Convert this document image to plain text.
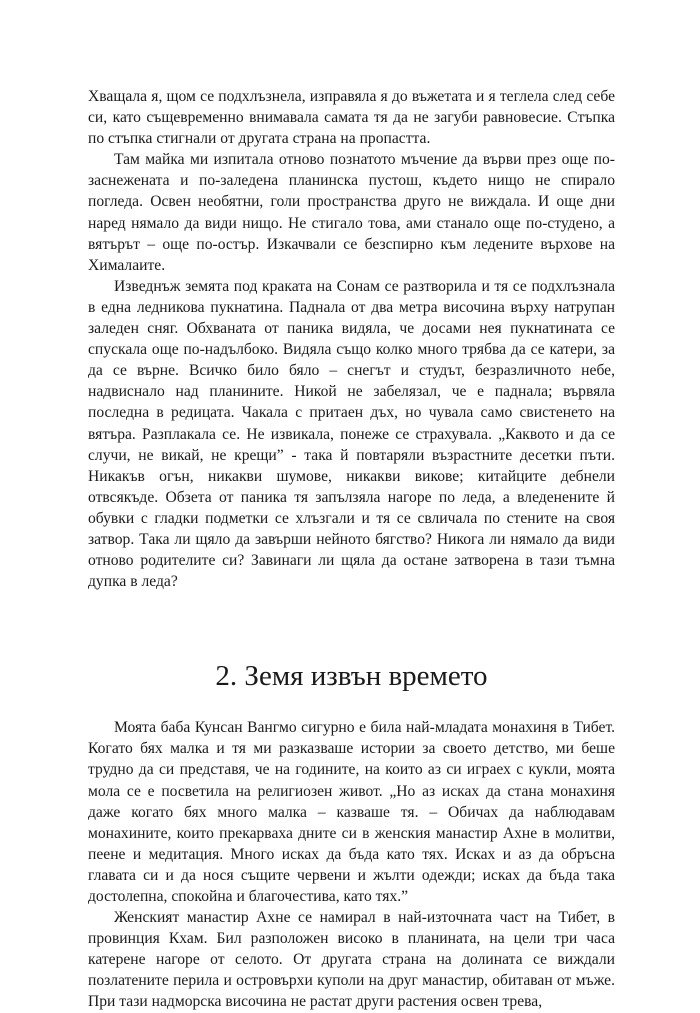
Хващала я, щом се подхлъзнела, изправяла я до въжетата и я теглела след себе си, като същевременно внимавала самата тя да не загуби равновесие. Стъпка по стъпка стигнали от другата страна на пропастта.

Там майка ми изпитала отново познатото мъчение да върви през още по-заснежената и по-заледена планинска пустош, където нищо не спирало погледа. Освен необятни, голи пространства друго не виждала. И още дни наред нямало да види нищо. Не стигало това, ами станало още по-студено, а вятърът – още по-остър. Изкачвали се безспирно към ледените върхове на Хималаите.

Изведнъж земята под краката на Сонам се разтворила и тя се подхлъзнала в една ледникова пукнатина. Паднала от два метра височина върху натрупан заледен сняг. Обхваната от паника видяла, че досами нея пукнатината се спускала още по-надълбоко. Видяла също колко много трябва да се катери, за да се върне. Всичко било бяло – снегът и студът, безразличното небе, надвиснало над планините. Никой не забелязал, че е паднала; вървяла последна в редицата. Чакала с притаен дъх, но чувала само свистенето на вятъра. Разплакала се. Не извикала, понеже се страхувала. „Каквото и да се случи, не викай, не крещи” - така й повтаряли възрастните десетки пъти. Никакъв огън, никакви шумове, никакви викове; китайците дебнели отвсякъде. Обзета от паника тя запълзяла нагоре по леда, а вледенените й обувки с гладки подметки се хлъзгали и тя се свличала по стените на своя затвор. Така ли щяло да завърши нейното бягство? Никога ли нямало да види отново родителите си? Завинаги ли щяла да остане затворена в тази тъмна дупка в леда?

2. Земя извън времето

Моята баба Кунсан Вангмо сигурно е била най-младата монахиня в Тибет. Когато бях малка и тя ми разказваше истории за своето детство, ми беше трудно да си представя, че на годините, на които аз си играех с кукли, моята мола се е посветила на религиозен живот. „Но аз исках да стана монахиня даже когато бях много малка – казваше тя. – Обичах да наблюдавам монахините, които прекарваха дните си в женския манастир Ахне в молитви, пеене и медитация. Много исках да бъда като тях. Исках и аз да обръсна главата си и да нося същите червени и жълти одежди; исках да бъда така достолепна, спокойна и благочестива, като тях.”

Женският манастир Ахне се намирал в най-източната част на Тибет, в провинция Кхам. Бил разположен високо в планината, на цели три часа катерене нагоре от селото. От другата страна на долината се виждали позлатените перила и островърхи куполи на друг манастир, обитаван от мъже. При тази надморска височина не растат други растения освен трева,
